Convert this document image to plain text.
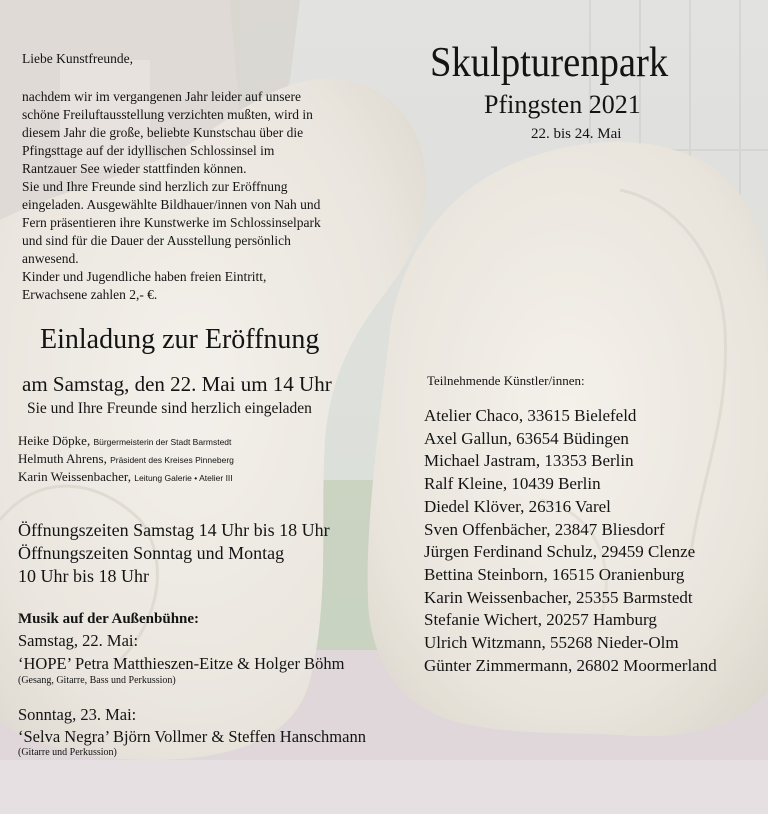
Liebe Kunstfreunde,
nachdem wir im vergangenen Jahr leider auf unsere
schöne Freiluftausstellung verzichten mußten, wird in
diesem Jahr die große, beliebte Kunstschau über die
Pfingsttage auf der idyllischen Schlossinsel im
Rantzauer See wieder stattfinden können.
Sie und Ihre Freunde sind herzlich zur Eröffnung
eingeladen. Ausgewählte Bildhauer/innen von Nah und
Fern präsentieren ihre Kunstwerke im Schlossinselpark
und sind für die Dauer der Ausstellung persönlich
anwesend.
Kinder und Jugendliche haben freien Eintritt,
Erwachsene zahlen 2,- €.
Skulpturenpark
Pfingsten 2021
22. bis 24. Mai
Einladung zur Eröffnung
am Samstag, den 22. Mai um 14 Uhr
Sie und Ihre Freunde sind herzlich eingeladen
Heike Döpke, Bürgermeisterin der Stadt Barmstedt
Helmuth Ahrens, Präsident des Kreises Pinneberg
Karin Weissenbacher, Leitung Galerie • Atelier III
Öffnungszeiten Samstag 14 Uhr bis 18 Uhr
Öffnungszeiten Sonntag und Montag
10 Uhr bis 18 Uhr
Musik auf der Außenbühne:
Samstag, 22. Mai:
‘HOPE’ Petra Matthieszen-Eitze & Holger Böhm
(Gesang, Gitarre, Bass und Perkussion)
Sonntag, 23. Mai:
‘Selva Negra’ Björn Vollmer & Steffen Hanschmann
(Gitarre und Perkussion)
Teilnehmende Künstler/innen:
Atelier Chaco, 33615 Bielefeld
Axel Gallun, 63654 Büdingen
Michael Jastram, 13353 Berlin
Ralf Kleine, 10439 Berlin
Diedel Klöver, 26316 Varel
Sven Offenbächer, 23847 Bliesdorf
Jürgen Ferdinand Schulz, 29459 Clenze
Bettina Steinborn, 16515 Oranienburg
Karin Weissenbacher, 25355 Barmstedt
Stefanie Wichert, 20257 Hamburg
Ulrich Witzmann, 55268 Nieder-Olm
Günter Zimmermann, 26802 Moormerland
